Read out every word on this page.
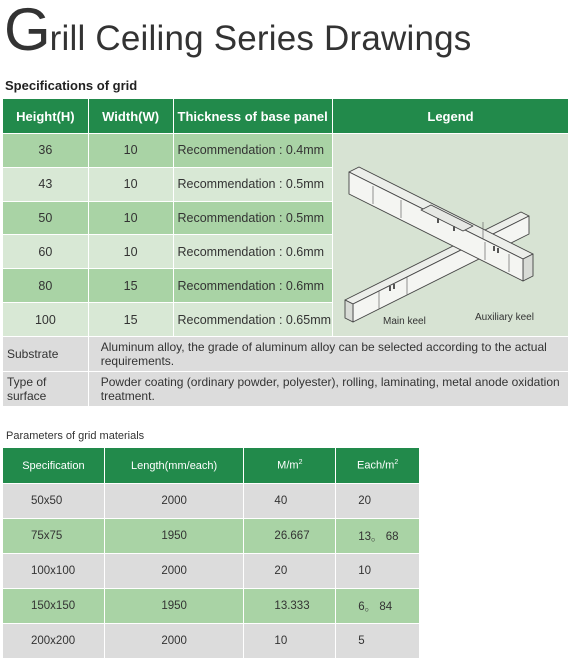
Grill Ceiling Series Drawings
Specifications of grid
Height(H)	Width(W)	Thickness of base panel	Legend
36	10	Recommendation : 0.4mm	Main keel Auxiliary keel

43	10	Recommendation : 0.5mm	
50	10	Recommendation : 0.5mm	
60	10	Recommendation : 0.6mm	
80	15	Recommendation : 0.6mm	
100	15	Recommendation : 0.65mm	
Substrate	Aluminum alloy, the grade of aluminum alloy can be selected according to the actual requirements.		
Type of surface	Powder coating (ordinary powder, polyester), rolling, laminating, metal anode oxidation treatment.		
Parameters of grid materials
Specification	Length(mm/each)	$M/m^2$	Each/$m^2$
50x50	2000	40	20
75x75	1950	26.667	13。 68
100x100	2000	20	10
150x150	1950	13.333	6。 84
200x200	2000	10	5
